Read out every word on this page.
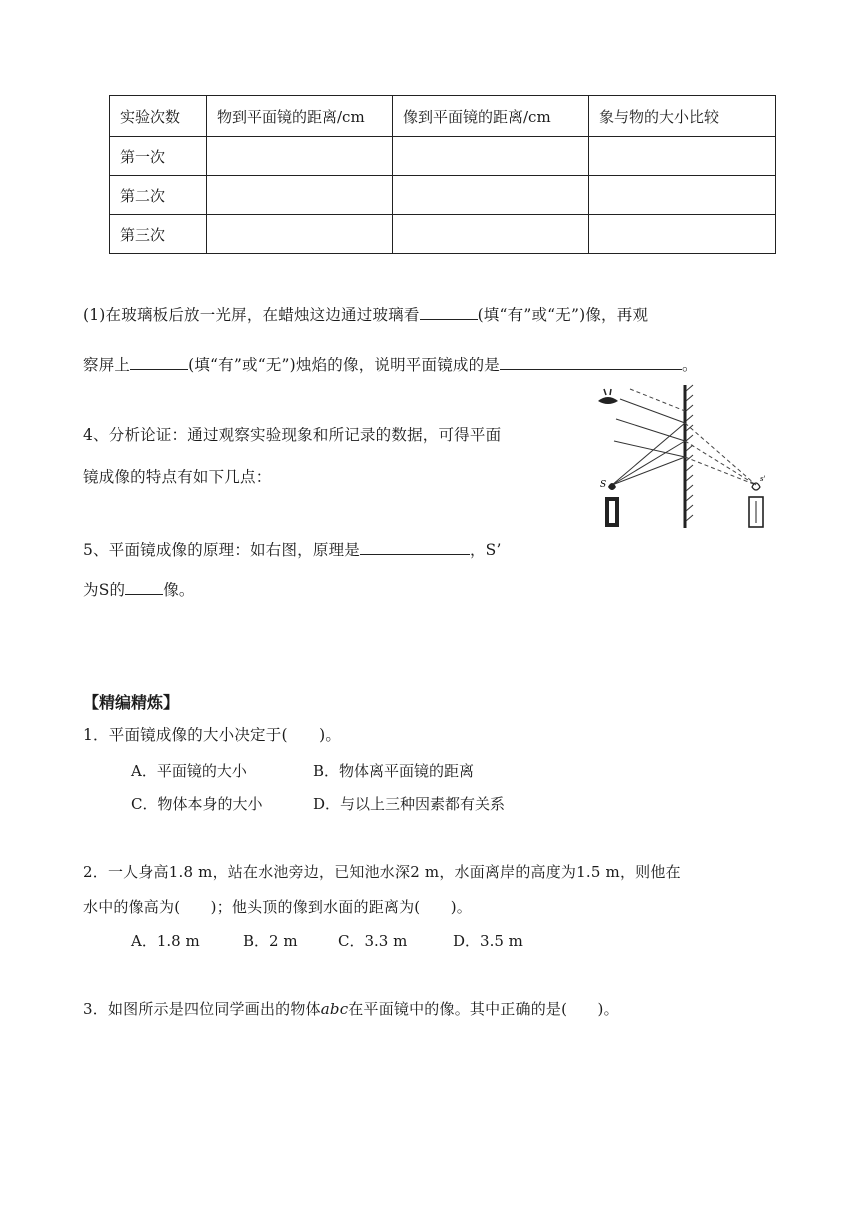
实验次数	物到平面镜的距离/cm	像到平面镜的距离/cm	象与物的大小比较
第一次			
第二次			
第三次			
(1)在玻璃板后放一光屏，在蜡烛这边通过玻璃看	(填“有”或“无”)像，再观
察屏上	(填“有”或“无”)烛焰的像，说明平面镜成的是	。
4、分析论证：通过观察实验现象和所记录的数据，可得平面
镜成像的特点有如下几点：
5、平面镜成像的原理：如右图，原理是	，S’
为S的 像。
S
s'
【精编精炼】
1．平面镜成像的大小决定于(　　)。
A．平面镜的大小	B．物体离平面镜的距离
C．物体本身的大小	D．与以上三种因素都有关系
2．一人身高1.8 m，站在水池旁边，已知池水深2 m，水面离岸的高度为1.5 m，则他在
水中的像高为(　　)；他头顶的像到水面的距离为(　　)。
A．1.8 m	B．2 m	C．3.3 m	D．3.5 m
3．如图所示是四位同学画出的物体abc在平面镜中的像。其中正确的是(　　)。
